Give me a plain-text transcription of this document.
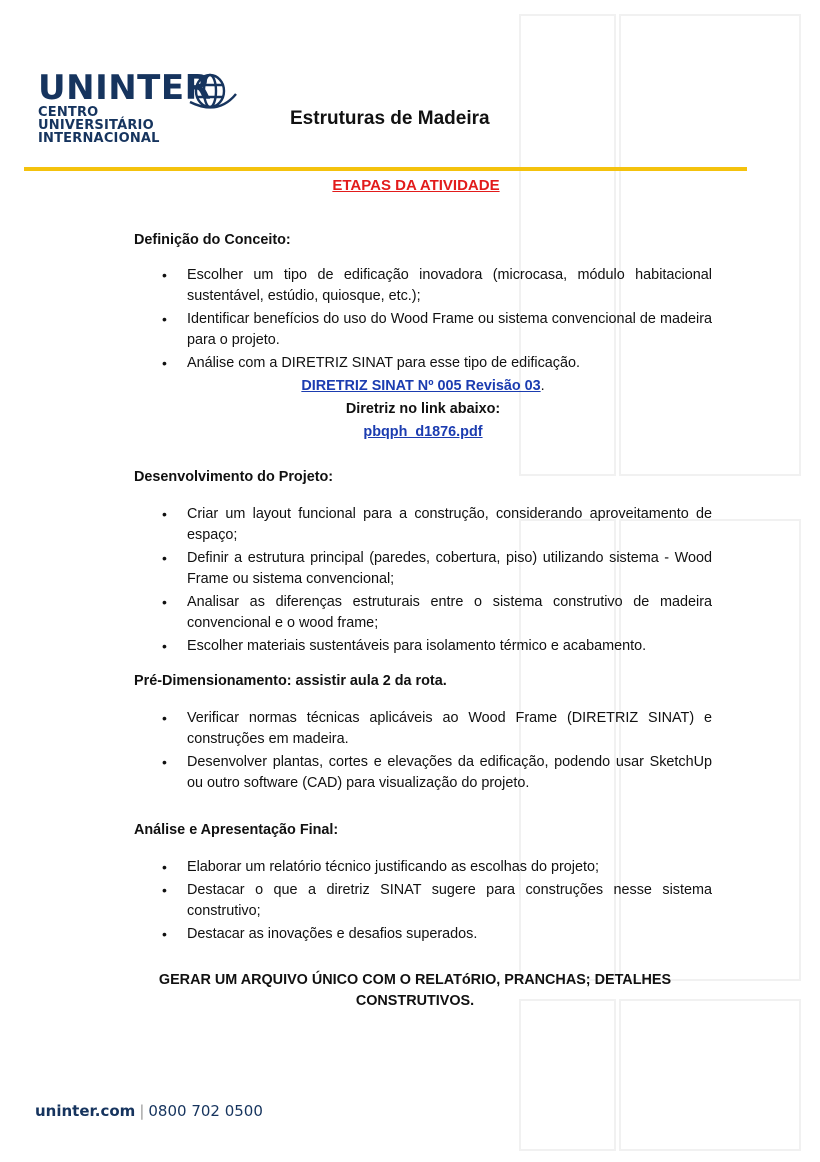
UNINTER
CENTRO
UNIVERSITÁRIO
INTERNACIONAL
Estruturas de Madeira
ETAPAS DA ATIVIDADE
Definição do Conceito:
• Escolher um tipo de edificação inovadora (microcasa, módulo habitacional sustentável, estúdio, quiosque, etc.);
• Identificar benefícios do uso do Wood Frame ou sistema convencional de madeira para o projeto.
• Análise com a DIRETRIZ SINAT para esse tipo de edificação.
DIRETRIZ SINAT Nº 005 Revisão 03.
Diretriz no link abaixo:
pbqph_d1876.pdf
Desenvolvimento do Projeto:
• Criar um layout funcional para a construção, considerando aproveitamento de espaço;
• Definir a estrutura principal (paredes, cobertura, piso) utilizando sistema - Wood Frame ou sistema convencional;
• Analisar as diferenças estruturais entre o sistema construtivo de madeira convencional e o wood frame;
• Escolher materiais sustentáveis para isolamento térmico e acabamento.
Pré-Dimensionamento: assistir aula 2 da rota.
• Verificar normas técnicas aplicáveis ao Wood Frame (DIRETRIZ SINAT) e construções em madeira.
• Desenvolver plantas, cortes e elevações da edificação, podendo usar SketchUp ou outro software (CAD) para visualização do projeto.
Análise e Apresentação Final:
• Elaborar um relatório técnico justificando as escolhas do projeto;
• Destacar o que a diretriz SINAT sugere para construções nesse sistema construtivo;
• Destacar as inovações e desafios superados.
GERAR UM ARQUIVO ÚNICO COM O RELATóRIO, PRANCHAS; DETALHES CONSTRUTIVOS.
uninter.com | 0800 702 0500
